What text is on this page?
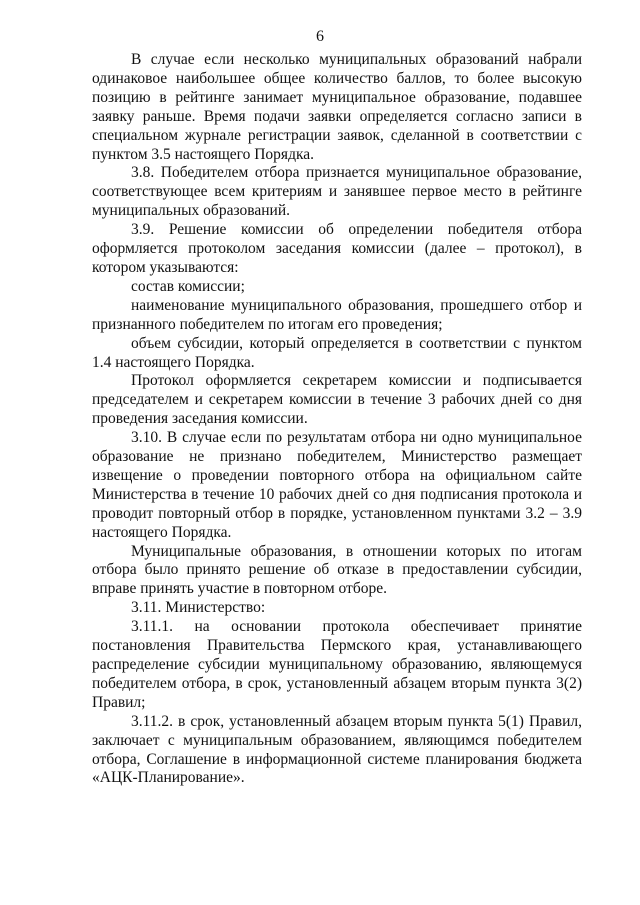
6

В случае если несколько муниципальных образований набрали одинаковое наибольшее общее количество баллов, то более высокую позицию в рейтинге занимает муниципальное образование, подавшее заявку раньше. Время подачи заявки определяется согласно записи в специальном журнале регистрации заявок, сделанной в соответствии с пунктом 3.5 настоящего Порядка.

3.8. Победителем отбора признается муниципальное образование, соответствующее всем критериям и занявшее первое место в рейтинге муниципальных образований.

3.9. Решение комиссии об определении победителя отбора оформляется протоколом заседания комиссии (далее – протокол), в котором указываются:

состав комиссии;

наименование муниципального образования, прошедшего отбор и признанного победителем по итогам его проведения;

объем субсидии, который определяется в соответствии с пунктом 1.4 настоящего Порядка.

Протокол оформляется секретарем комиссии и подписывается председателем и секретарем комиссии в течение 3 рабочих дней со дня проведения заседания комиссии.

3.10. В случае если по результатам отбора ни одно муниципальное образование не признано победителем, Министерство размещает извещение о проведении повторного отбора на официальном сайте Министерства в течение 10 рабочих дней со дня подписания протокола и проводит повторный отбор в порядке, установленном пунктами 3.2 – 3.9 настоящего Порядка.

Муниципальные образования, в отношении которых по итогам отбора было принято решение об отказе в предоставлении субсидии, вправе принять участие в повторном отборе.

3.11. Министерство:

3.11.1. на основании протокола обеспечивает принятие постановления Правительства Пермского края, устанавливающего распределение субсидии муниципальному образованию, являющемуся победителем отбора, в срок, установленный абзацем вторым пункта 3(2) Правил;

3.11.2. в срок, установленный абзацем вторым пункта 5(1) Правил, заключает с муниципальным образованием, являющимся победителем отбора, Соглашение в информационной системе планирования бюджета «АЦК-Планирование».
